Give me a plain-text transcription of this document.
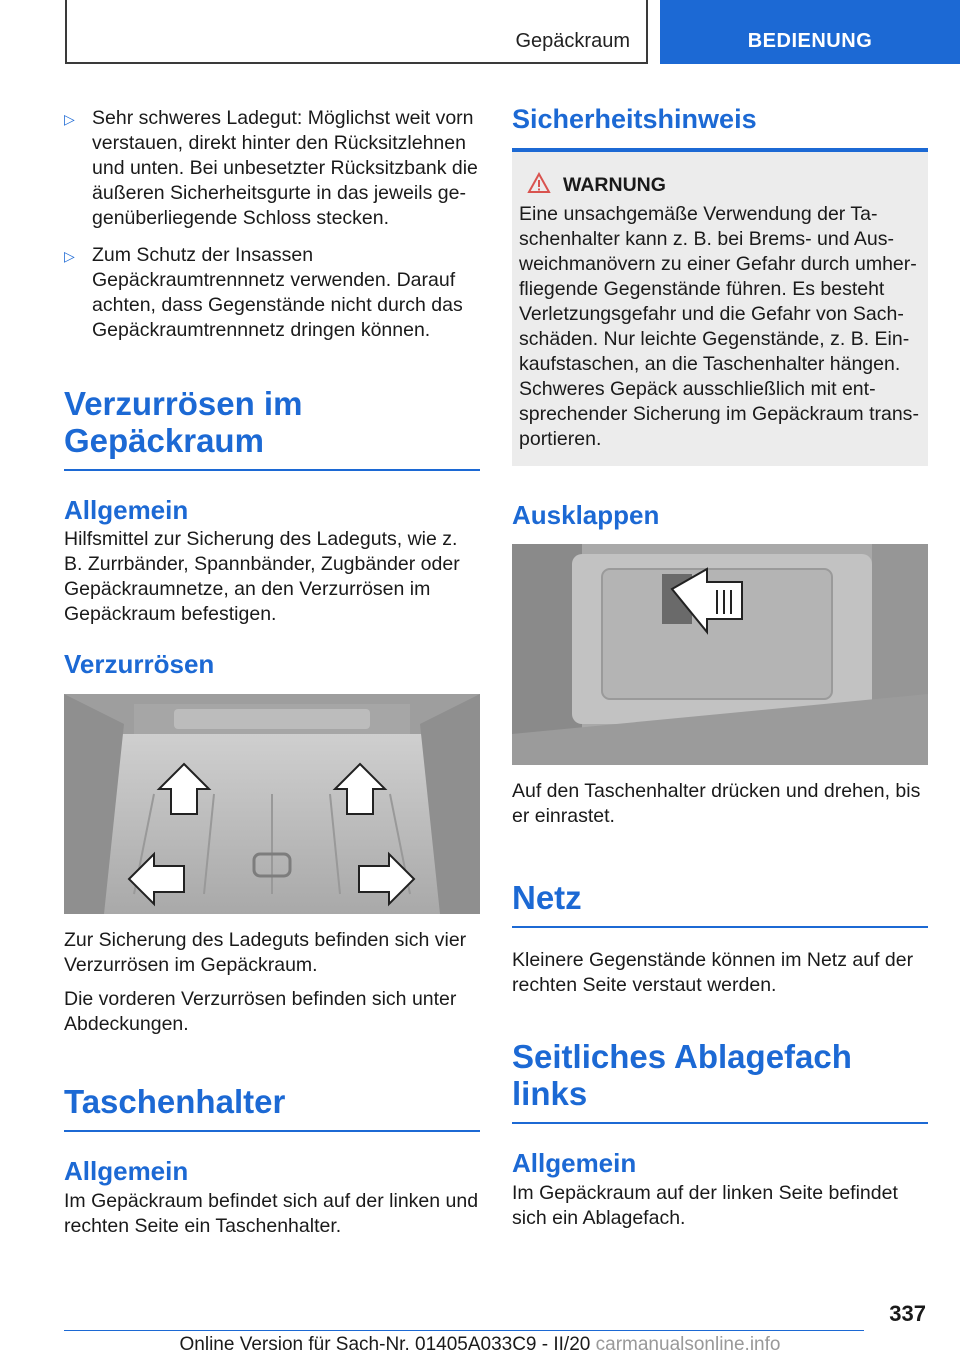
Gepäckraum	BEDIENUNG
▷ Sehr schweres Ladegut: Möglichst weit vorn verstauen, direkt hinter den Rücksitzlehnen und unten. Bei unbesetzter Rücksitzbank die äußeren Sicherheitsgurte in das jeweils gegenüberliegende Schloss stecken.
▷ Zum Schutz der Insassen Gepäckraumtrennnetz verwenden. Darauf achten, dass Gegenstände nicht durch das Gepäckraumtrennnetz dringen können.
Verzurrösen im Gepäckraum
Allgemein

Hilfsmittel zur Sicherung des Ladeguts, wie z. B. Zurrbänder, Spannbänder, Zugbänder oder Gepäckraumnetze, an den Verzurrösen im Gepäckraum befestigen.

Verzurrösen

Zur Sicherung des Ladeguts befinden sich vier Verzurrösen im Gepäckraum.

Die vorderen Verzurrösen befinden sich unter Abdeckungen.

Taschenhalter
Allgemein

Im Gepäckraum befindet sich auf der linken und rechten Seite ein Taschenhalter.

Sicherheitshinweis
WARNUNG

Eine unsachgemäße Verwendung der Taschenhalter kann z. B. bei Brems- und Ausweichmanövern zu einer Gefahr durch umherfliegende Gegenstände führen. Es besteht Verletzungsgefahr und die Gefahr von Sachschäden. Nur leichte Gegenstände, z. B. Einkaufstaschen, an die Taschenhalter hängen. Schweres Gepäck ausschließlich mit entsprechender Sicherung im Gepäckraum transportieren.

Ausklappen

Auf den Taschenhalter drücken und drehen, bis er einrastet.

Netz

Kleinere Gegenstände können im Netz auf der rechten Seite verstaut werden.

Seitliches Ablagefach links
Allgemein

Im Gepäckraum auf der linken Seite befindet sich ein Ablagefach.

337
Online Version für Sach-Nr. 01405A033C9 - II/20 carmanualsonline.info
